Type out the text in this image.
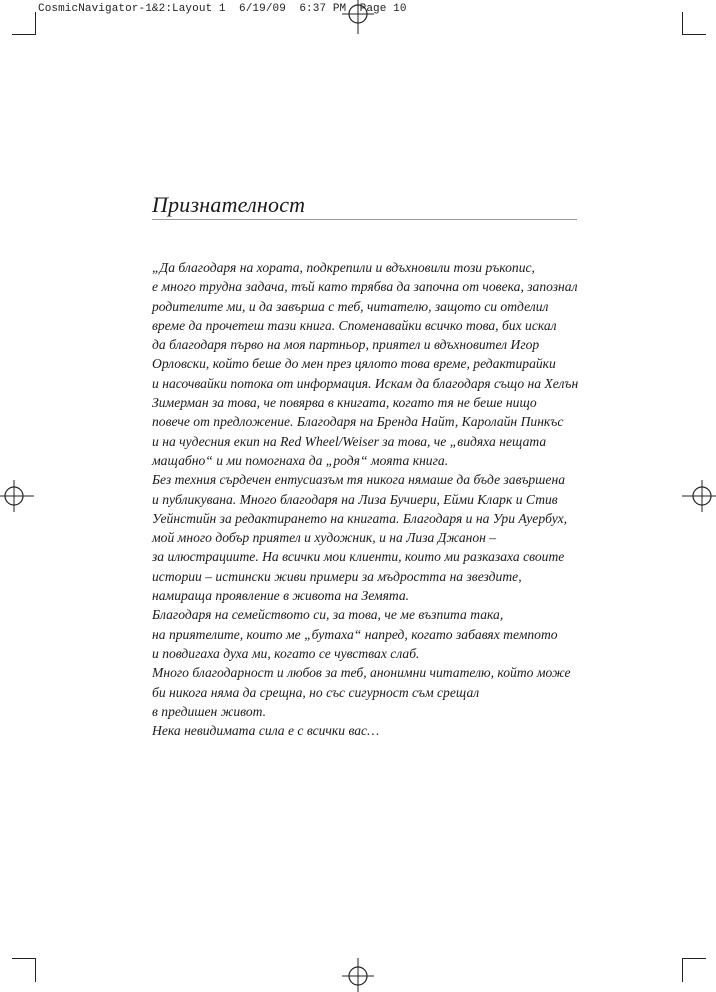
CosmicNavigator-1&2:Layout 1  6/19/09  6:37 PM  Page 10
Признателност
„Да благодаря на хората, подкрепили и вдъхновили този ръкопис,
е много трудна задача, тъй като трябва да започна от човека, запознал
родителите ми, и да завърша с теб, читателю, защото си отделил
време да прочетеш тази книга. Споменавайки всичко това, бих искал
да благодаря първо на моя партньор, приятел и вдъхновител Игор
Орловски, който беше до мен през цялото това време, редактирайки
и насочвайки потока от информация. Искам да благодаря също на Хелън
Зимерман за това, че повярва в книгата, когато тя не беше нищо
повече от предложение. Благодаря на Бренда Найт, Каролайн Пинкъс
и на чудесния екип на Red Wheel/Weiser за това, че „видяха нещата
мащабно“ и ми помогнаха да „родя“ моята книга.
Без техния сърдечен ентусиазъм тя никога нямаше да бъде завършена
и публикувана. Много благодаря на Лиза Бучиери, Ейми Кларк и Стив
Уейнстийн за редактирането на книгата. Благодаря и на Ури Ауербух,
мой много добър приятел и художник, и на Лиза Джанон –
за илюстрациите. На всички мои клиенти, които ми разказаха своите
истории – истински живи примери за мъдростта на звездите,
намираща проявление в живота на Земята.
Благодаря на семейството си, за това, че ме възпита така,
на приятелите, които ме „бутаха“ напред, когато забавях темпото
и повдигаха духа ми, когато се чувствах слаб.
Много благодарност и любов за теб, анонимни читателю, който може
би никога няма да срещна, но със сигурност съм срещал
в предишен живот.
Нека невидимата сила е с всички вас…
